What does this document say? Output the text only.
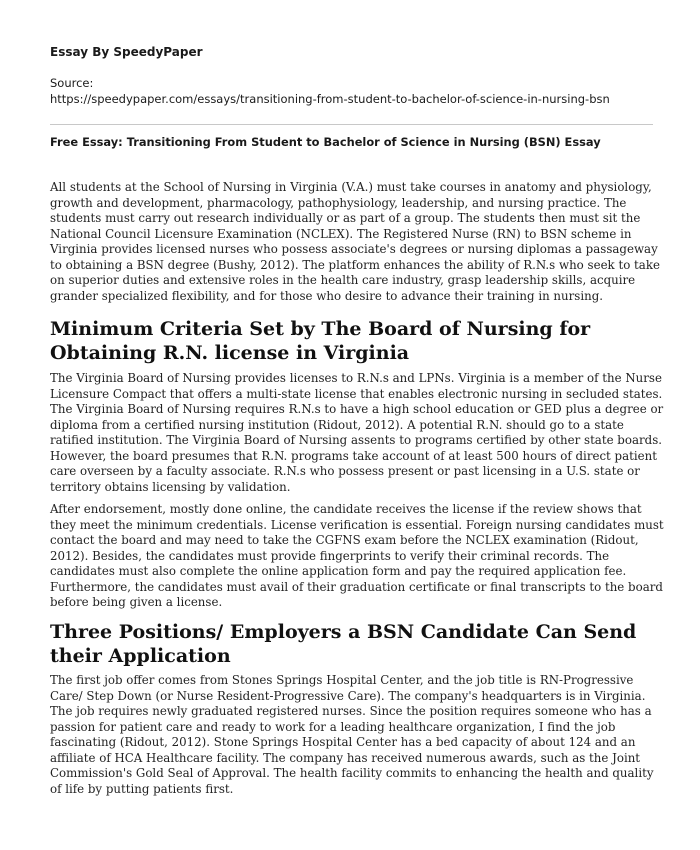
Essay By SpeedyPaper
Source:
https://speedypaper.com/essays/transitioning-from-student-to-bachelor-of-science-in-nursing-bsn
Free Essay: Transitioning From Student to Bachelor of Science in Nursing (BSN) Essay

All students at the School of Nursing in Virginia (V.A.) must take courses in anatomy and physiology, growth and development, pharmacology, pathophysiology, leadership, and nursing practice. The students must carry out research individually or as part of a group. The students then must sit the National Council Licensure Examination (NCLEX). The Registered Nurse (RN) to BSN scheme in Virginia provides licensed nurses who possess associate's degrees or nursing diplomas a passageway to obtaining a BSN degree (Bushy, 2012). The platform enhances the ability of R.N.s who seek to take on superior duties and extensive roles in the health care industry, grasp leadership skills, acquire grander specialized flexibility, and for those who desire to advance their training in nursing.

Minimum Criteria Set by The Board of Nursing for Obtaining R.N. license in Virginia

The Virginia Board of Nursing provides licenses to R.N.s and LPNs. Virginia is a member of the Nurse Licensure Compact that offers a multi-state license that enables electronic nursing in secluded states. The Virginia Board of Nursing requires R.N.s to have a high school education or GED plus a degree or diploma from a certified nursing institution (Ridout, 2012). A potential R.N. should go to a state ratified institution. The Virginia Board of Nursing assents to programs certified by other state boards. However, the board presumes that R.N. programs take account of at least 500 hours of direct patient care overseen by a faculty associate. R.N.s who possess present or past licensing in a U.S. state or territory obtains licensing by validation.

After endorsement, mostly done online, the candidate receives the license if the review shows that they meet the minimum credentials. License verification is essential. Foreign nursing candidates must contact the board and may need to take the CGFNS exam before the NCLEX examination (Ridout, 2012). Besides, the candidates must provide fingerprints to verify their criminal records. The candidates must also complete the online application form and pay the required application fee. Furthermore, the candidates must avail of their graduation certificate or final transcripts to the board before being given a license.

Three Positions/ Employers a BSN Candidate Can Send their Application

The first job offer comes from Stones Springs Hospital Center, and the job title is RN-Progressive Care/ Step Down (or Nurse Resident-Progressive Care). The company's headquarters is in Virginia. The job requires newly graduated registered nurses. Since the position requires someone who has a passion for patient care and ready to work for a leading healthcare organization, I find the job fascinating (Ridout, 2012). Stone Springs Hospital Center has a bed capacity of about 124 and an affiliate of HCA Healthcare facility. The company has received numerous awards, such as the Joint Commission's Gold Seal of Approval. The health facility commits to enhancing the health and quality of life by putting patients first.
